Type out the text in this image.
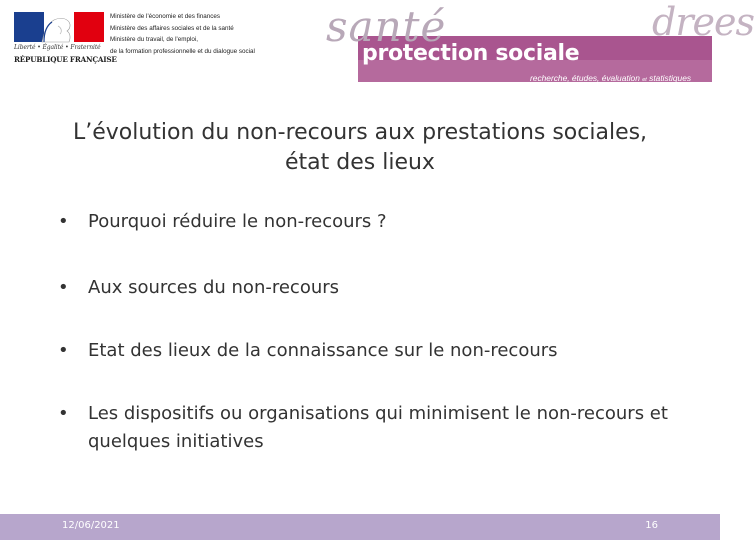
Liberté • Égalité • Fraternité
RÉPUBLIQUE FRANÇAISE
Ministère de l'économie et des finances
Ministère des affaires sociales et de la santé
Ministère du travail, de l'emploi,
de la formation professionnelle et du dialogue social santé	drees
protection sociale
recherche, études, évaluation et statistiques
L’évolution du non-recours aux prestations sociales,
état des lieux
• Pourquoi réduire le non-recours ?
• Aux sources du non-recours
• Etat des lieux de la connaissance sur le non-recours
• Les dispositifs ou organisations qui minimisent le non-recours et quelques initiatives
12/06/2021	16
